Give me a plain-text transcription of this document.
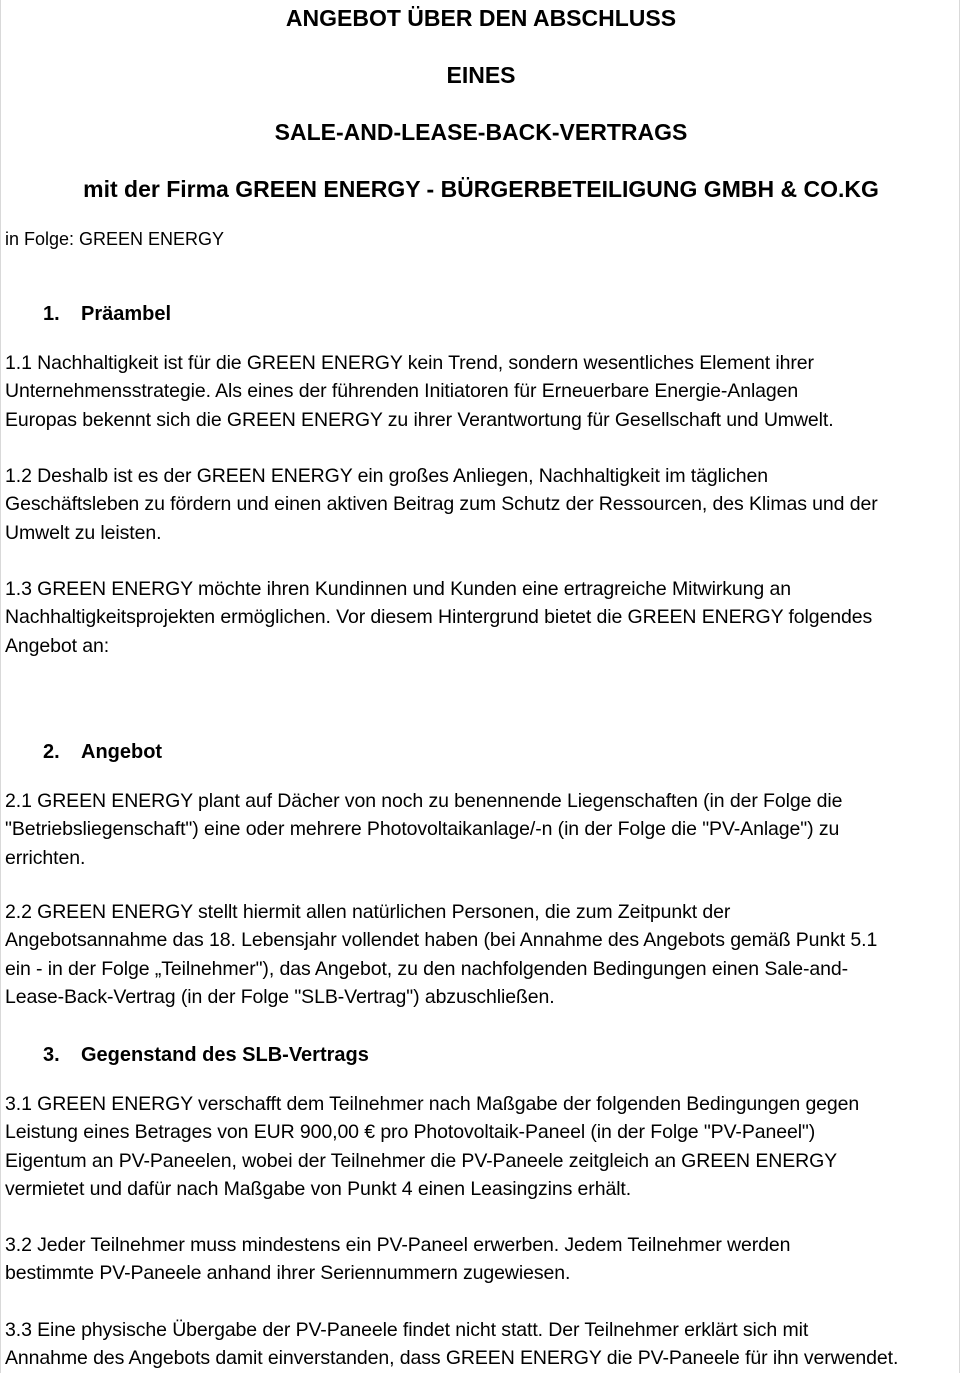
ANGEBOT ÜBER DEN ABSCHLUSS
EINES
SALE-AND-LEASE-BACK-VERTRAGS
mit der Firma GREEN ENERGY - BÜRGERBETEILIGUNG GMBH & CO.KG
in Folge: GREEN ENERGY
1. Präambel
1.1 Nachhaltigkeit ist für die GREEN ENERGY kein Trend, sondern wesentliches Element ihrer
Unternehmensstrategie. Als eines der führenden Initiatoren für Erneuerbare Energie-Anlagen
Europas bekennt sich die GREEN ENERGY zu ihrer Verantwortung für Gesellschaft und Umwelt.
1.2 Deshalb ist es der GREEN ENERGY ein großes Anliegen, Nachhaltigkeit im täglichen
Geschäftsleben zu fördern und einen aktiven Beitrag zum Schutz der Ressourcen, des Klimas und der
Umwelt zu leisten.
1.3 GREEN ENERGY möchte ihren Kundinnen und Kunden eine ertragreiche Mitwirkung an
Nachhaltigkeitsprojekten ermöglichen. Vor diesem Hintergrund bietet die GREEN ENERGY folgendes
Angebot an:
2. Angebot
2.1 GREEN ENERGY plant auf Dächer von noch zu benennende Liegenschaften (in der Folge die
"Betriebsliegenschaft") eine oder mehrere Photovoltaikanlage/-n (in der Folge die "PV-Anlage") zu
errichten.
2.2 GREEN ENERGY stellt hiermit allen natürlichen Personen, die zum Zeitpunkt der
Angebotsannahme das 18. Lebensjahr vollendet haben (bei Annahme des Angebots gemäß Punkt 5.1
ein - in der Folge „Teilnehmer"), das Angebot, zu den nachfolgenden Bedingungen einen Sale-and-
Lease-Back-Vertrag (in der Folge "SLB-Vertrag") abzuschließen.
3. Gegenstand des SLB-Vertrags
3.1 GREEN ENERGY verschafft dem Teilnehmer nach Maßgabe der folgenden Bedingungen gegen
Leistung eines Betrages von EUR 900,00 € pro Photovoltaik-Paneel (in der Folge "PV-Paneel")
Eigentum an PV-Paneelen, wobei der Teilnehmer die PV-Paneele zeitgleich an GREEN ENERGY
vermietet und dafür nach Maßgabe von Punkt 4 einen Leasingzins erhält.
3.2 Jeder Teilnehmer muss mindestens ein PV-Paneel erwerben. Jedem Teilnehmer werden
bestimmte PV-Paneele anhand ihrer Seriennummern zugewiesen.
3.3 Eine physische Übergabe der PV-Paneele findet nicht statt. Der Teilnehmer erklärt sich mit
Annahme des Angebots damit einverstanden, dass GREEN ENERGY die PV-Paneele für ihn verwendet.
